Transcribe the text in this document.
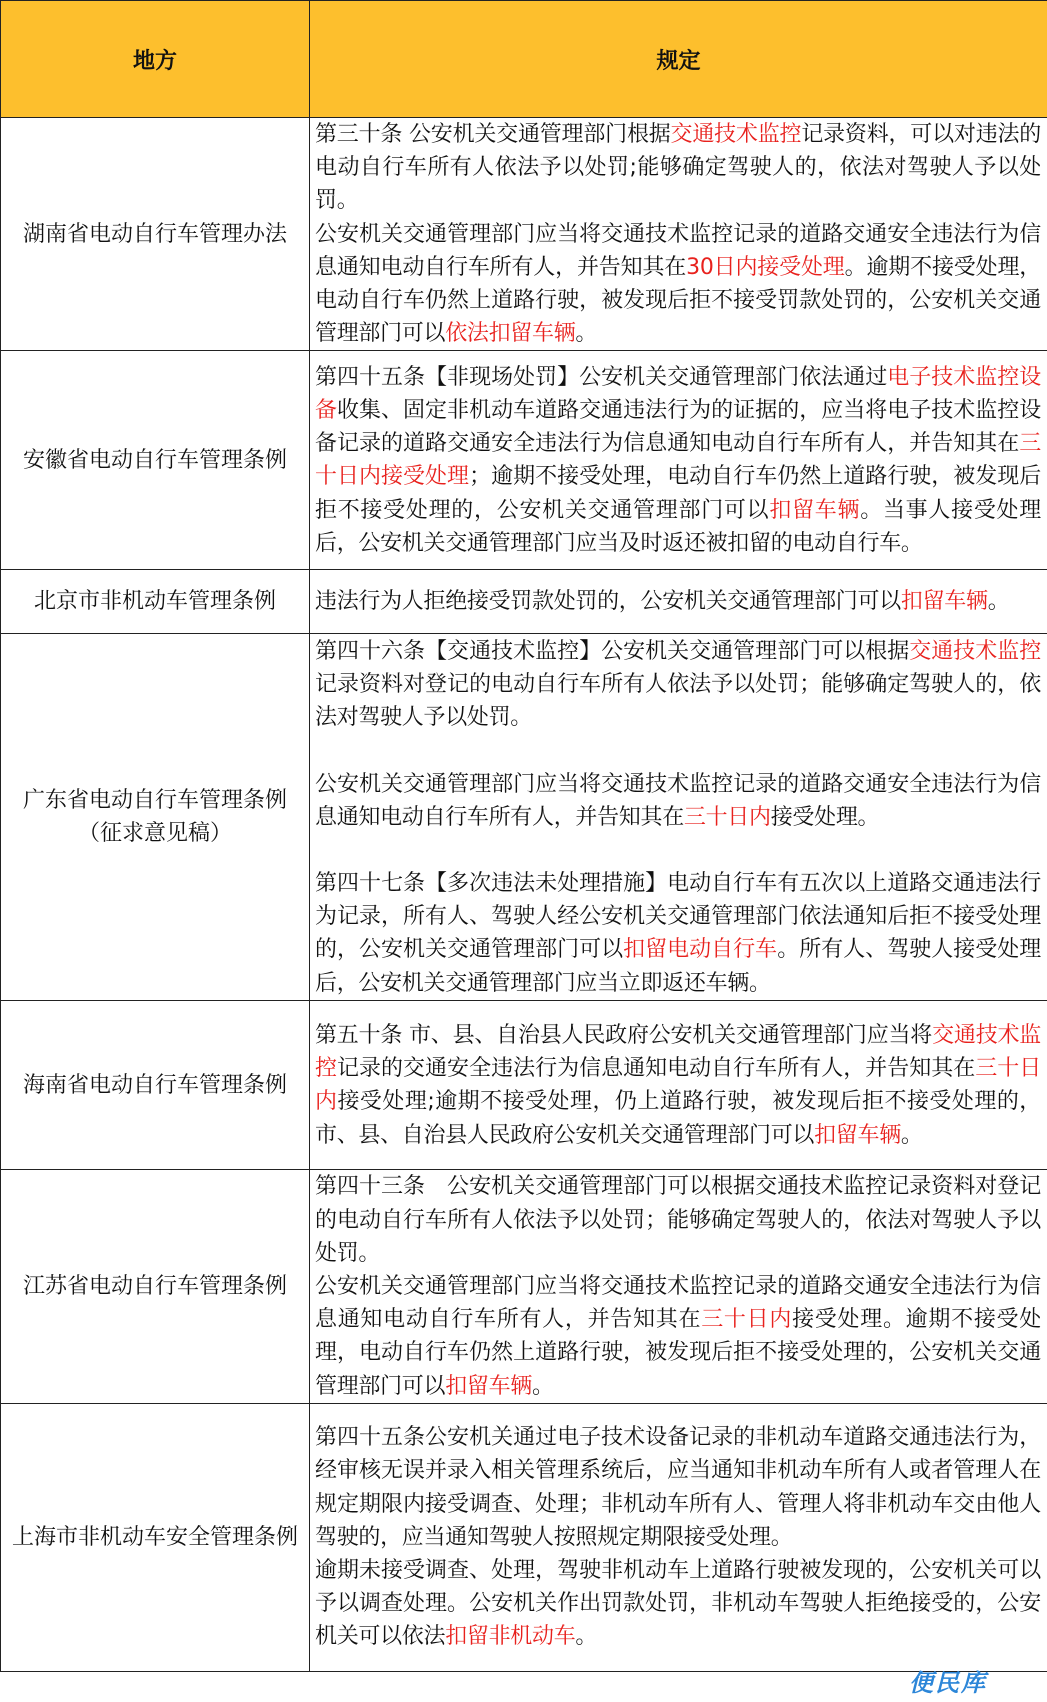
地方	规定
湖南省电动自行车管理办法	第三十条 公安机关交通管理部门根据交通技术监控记录资料，可以对违法的电动自行车所有人依法予以处罚;能够确定驾驶人的，依法对驾驶人予以处罚。

公安机关交通管理部门应当将交通技术监控记录的道路交通安全违法行为信息通知电动自行车所有人，并告知其在30日内接受处理。逾期不接受处理，电动自行车仍然上道路行驶，被发现后拒不接受罚款处罚的，公安机关交通管理部门可以依法扣留车辆。

安徽省电动自行车管理条例	第四十五条【非现场处罚】公安机关交通管理部门依法通过电子技术监控设备收集、固定非机动车道路交通违法行为的证据的，应当将电子技术监控设备记录的道路交通安全违法行为信息通知电动自行车所有人，并告知其在三十日内接受处理；逾期不接受处理，电动自行车仍然上道路行驶，被发现后拒不接受处理的，公安机关交通管理部门可以扣留车辆。当事人接受处理后，公安机关交通管理部门应当及时返还被扣留的电动自行车。

北京市非机动车管理条例	违法行为人拒绝接受罚款处罚的，公安机关交通管理部门可以扣留车辆。

广东省电动自行车管理条例（征求意见稿）	第四十六条【交通技术监控】公安机关交通管理部门可以根据交通技术监控记录资料对登记的电动自行车所有人依法予以处罚；能够确定驾驶人的，依法对驾驶人予以处罚。

公安机关交通管理部门应当将交通技术监控记录的道路交通安全违法行为信息通知电动自行车所有人，并告知其在三十日内接受处理。

第四十七条【多次违法未处理措施】电动自行车有五次以上道路交通违法行为记录，所有人、驾驶人经公安机关交通管理部门依法通知后拒不接受处理的，公安机关交通管理部门可以扣留电动自行车。所有人、驾驶人接受处理后，公安机关交通管理部门应当立即返还车辆。

海南省电动自行车管理条例	第五十条 市、县、自治县人民政府公安机关交通管理部门应当将交通技术监控记录的交通安全违法行为信息通知电动自行车所有人，并告知其在三十日内接受处理;逾期不接受处理，仍上道路行驶，被发现后拒不接受处理的，市、县、自治县人民政府公安机关交通管理部门可以扣留车辆。

江苏省电动自行车管理条例	第四十三条　公安机关交通管理部门可以根据交通技术监控记录资料对登记的电动自行车所有人依法予以处罚；能够确定驾驶人的，依法对驾驶人予以处罚。

公安机关交通管理部门应当将交通技术监控记录的道路交通安全违法行为信息通知电动自行车所有人，并告知其在三十日内接受处理。逾期不接受处理，电动自行车仍然上道路行驶，被发现后拒不接受处理的，公安机关交通管理部门可以扣留车辆。

上海市非机动车安全管理条例	第四十五条公安机关通过电子技术设备记录的非机动车道路交通违法行为，经审核无误并录入相关管理系统后，应当通知非机动车所有人或者管理人在规定期限内接受调查、处理；非机动车所有人、管理人将非机动车交由他人驾驶的，应当通知驾驶人按照规定期限接受处理。

逾期未接受调查、处理，驾驶非机动车上道路行驶被发现的，公安机关可以予以调查处理。公安机关作出罚款处罚，非机动车驾驶人拒绝接受的，公安机关可以依法扣留非机动车。

便民库
